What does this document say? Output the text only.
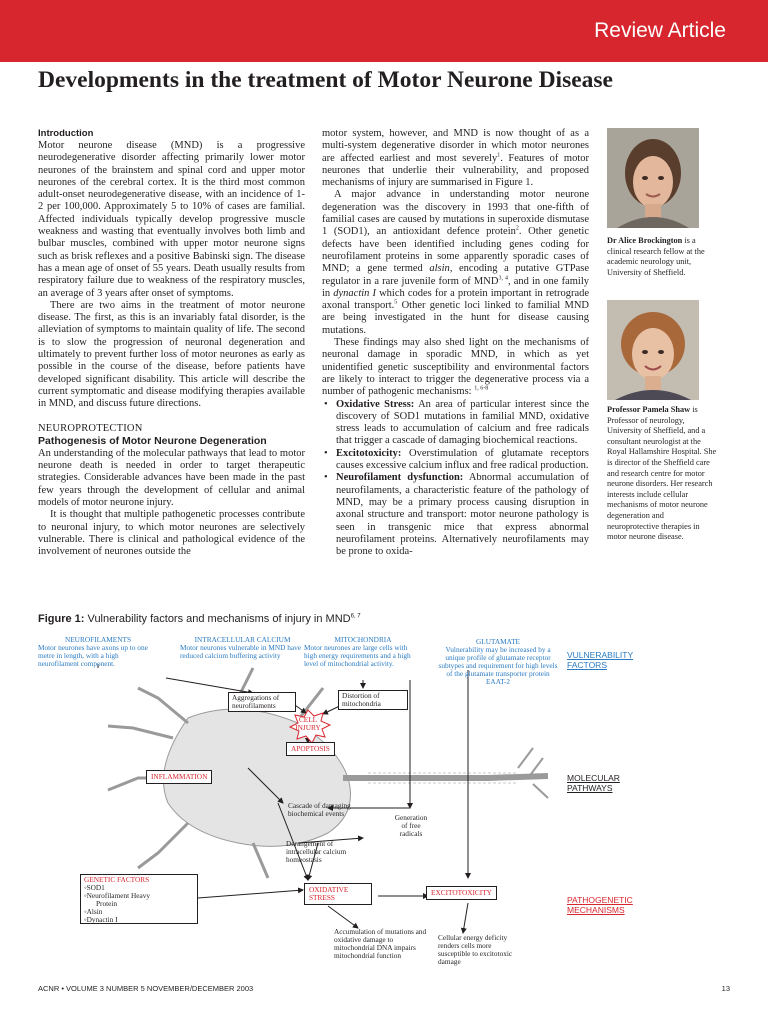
Review Article
Developments in the treatment of Motor Neurone Disease
Introduction

Motor neurone disease (MND) is a progressive neurodegenerative disorder affecting primarily lower motor neurones of the brainstem and spinal cord and upper motor neurones of the cerebral cortex. It is the third most common adult-onset neurodegenerative disease, with an incidence of 1-2 per 100,000. Approximately 5 to 10% of cases are familial. Affected individuals typically develop progressive muscle weakness and wasting that eventually involves both limb and bulbar muscles, combined with upper motor neurone signs such as brisk reflexes and a positive Babinski sign. The disease has a mean age of onset of 55 years. Death usually results from respiratory failure due to weakness of the respiratory muscles, an average of 3 years after onset of symptoms.

There are two aims in the treatment of motor neurone disease. The first, as this is an invariably fatal disorder, is the alleviation of symptoms to maintain quality of life. The second is to slow the progression of neuronal degeneration and ultimately to prevent further loss of motor neurones as early as possible in the course of the disease, before patients have developed significant disability. This article will describe the current symptomatic and disease modifying therapies available in MND, and discuss future directions.

NEUROPROTECTION
Pathogenesis of Motor Neurone Degeneration

An understanding of the molecular pathways that lead to motor neurone death is needed in order to target therapeutic strategies. Considerable advances have been made in the past few years through the development of cellular and animal models of motor neurone injury.

It is thought that multiple pathogenetic processes contribute to neuronal injury, to which motor neurones are selectively vulnerable. There is clinical and pathological evidence of the involvement of neurones outside the

motor system, however, and MND is now thought of as a multi-system degenerative disorder in which motor neurones are affected earliest and most severely$^1$. Features of motor neurones that underlie their vulnerability, and proposed mechanisms of injury are summarised in Figure 1.

A major advance in understanding motor neurone degeneration was the discovery in 1993 that one-fifth of familial cases are caused by mutations in superoxide dismutase 1 (SOD1), an antioxidant defence protein$^2$. Other genetic defects have been identified including genes coding for neurofilament proteins in some apparently sporadic cases of MND; a gene termed alsin, encoding a putative GTPase regulator in a rare juvenile form of MND$^{3, 4}$, and in one family in dynactin I which codes for a protein important in retrograde axonal transport.$^5$ Other genetic loci linked to familial MND are being investigated in the hunt for disease causing mutations.

These findings may also shed light on the mechanisms of neuronal damage in sporadic MND, in which as yet unidentified genetic susceptibility and environmental factors are likely to interact to trigger the degenerative process via a number of pathogenic mechanisms: $^{1, 6-8}$

• Oxidative Stress: An area of particular interest since the discovery of SOD1 mutations in familial MND, oxidative stress leads to accumulation of calcium and free radicals that trigger a cascade of damaging biochemical reactions.
• Excitotoxicity: Overstimulation of glutamate receptors causes excessive calcium influx and free radical production.
• Neurofilament dysfunction: Abnormal accumulation of neurofilaments, a characteristic feature of the pathology of MND, may be a primary process causing disruption in axonal structure and transport: motor neurone pathology is seen in transgenic mice that express abnormal neurofilament proteins. Alternatively neurofilaments may be prone to oxida-
Dr Alice Brockington is a clinical research fellow at the academic neurology unit, University of Sheffield.
Professor Pamela Shaw is Professor of neurology, University of Sheffield, and a consultant neurologist at the Royal Hallamshire Hospital. She is director of the Sheffield care and research centre for motor neurone disorders. Her research interests include cellular mechanisms of motor neurone degeneration and neuroprotective therapies in motor neurone disease.
Figure 1: Vulnerability factors and mechanisms of injury in MND$^{6, 7}$
NEUROFILAMENTS
Motor neurones have axons up to one metre in length, with a high neurofilament component.
INTRACELLULAR CALCIUM
Motor neurones vulnerable in MND have reduced calcium buffering activity
MITOCHONDRIA
Motor neurones are large cells with high energy requirements and a high level of mitochondrial activity.
GLUTAMATE
Vulnerability may be increased by a unique profile of glutamate receptor subtypes and requirement for high levels of the glutamate transporter protein EAAT-2
Aggregations of neurofilaments
Distortion of mitochondria
CELL INJURY
APOPTOSIS
INFLAMMATION
Cascade of damaging biochemical events	Generation of free radicals
Derangement of intracellular calcium homeostasis
GENETIC FACTORS
◦SOD1
◦Neurofilament Heavy
Protein
◦Alsin
◦Dynactin I
OXIDATIVE STRESS
EXCITOTOXICITY
Accumulation of mutations and oxidative damage to mitochondrial DNA impairs mitochondrial function
Cellular energy deficity renders cells more susceptible to excitotoxic damage
VULNERABILITY FACTORS
MOLECULAR PATHWAYS
PATHOGENETIC MECHANISMS
ACNR • VOLUME 3 NUMBER 5 NOVEMBER/DECEMBER 2003	13
